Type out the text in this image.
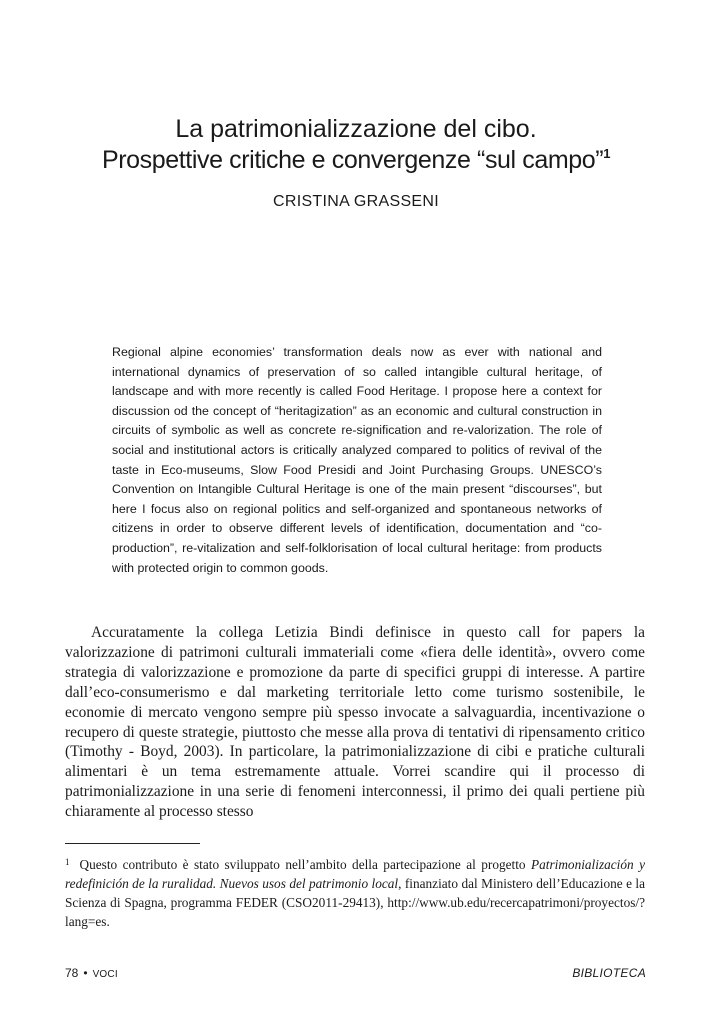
La patrimonializzazione del cibo.
Prospettive critiche e convergenze “sul campo”$^1$
CRISTINA GRASSENI

Regional alpine economies’ transformation deals now as ever with national and international dynamics of preservation of so called intangible cultural heritage, of landscape and with more recently is called Food Heritage. I propose here a context for discussion od the concept of “heritagization” as an economic and cultural construction in circuits of symbolic as well as concrete re-signification and re-valorization. The role of social and institutional actors is critically analyzed compared to politics of revival of the taste in Eco-museums, Slow Food Presidi and Joint Purchasing Groups. UNESCO’s Convention on Intangible Cultural Heritage is one of the main present “discourses”, but here I focus also on regional politics and self-organized and spontaneous networks of citizens in order to observe different levels of identification, documentation and “co-production”, re-vitalization and self-folklorisation of local cultural heritage: from products with protected origin to common goods.

Accuratamente la collega Letizia Bindi definisce in questo call for papers la valorizzazione di patrimoni culturali immateriali come «fiera delle identità», ovvero come strategia di valorizzazione e promozione da parte di specifici gruppi di interesse. A partire dall’eco-consumerismo e dal marketing territoriale letto come turismo sostenibile, le economie di mercato vengono sempre più spesso invocate a salvaguardia, incentivazione o recupero di queste strategie, piuttosto che messe alla prova di tentativi di ripensamento critico (Timothy - Boyd, 2003). In particolare, la patrimonializzazione di cibi e pratiche culturali alimentari è un tema estremamente attuale. Vorrei scandire qui il processo di patrimonializzazione in una serie di fenomeni interconnessi, il primo dei quali pertiene più chiaramente al processo stesso

$^1$ Questo contributo è stato sviluppato nell’ambito della partecipazione al progetto Patrimonialización y redefinición de la ruralidad. Nuevos usos del patrimonio local, finanziato dal Ministero dell’Educazione e la Scienza di Spagna, programma FEDER (CSO2011-29413), http://www.ub.edu/recercapatrimoni/proyectos/?lang=es.

78 • VOCI	BIBLIOTECA
